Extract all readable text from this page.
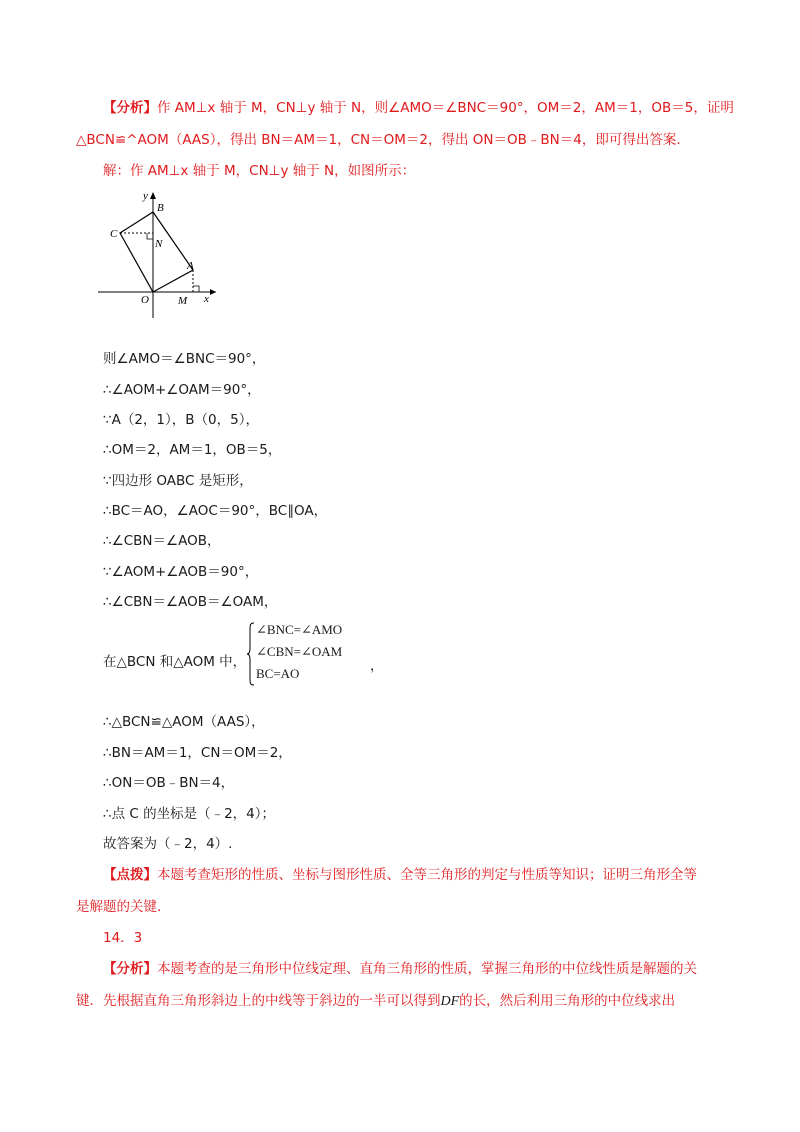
【分析】作 AM⊥x 轴于 M，CN⊥y 轴于 N，则∠AMO＝∠BNC＝90°，OM＝2，AM＝1，OB＝5，证明
△BCN≌^AOM（AAS），得出 BN＝AM＝1，CN＝OM＝2，得出 ON＝OB﹣BN＝4，即可得出答案.
解：作 AM⊥x 轴于 M，CN⊥y 轴于 N，如图所示：
y
B
C
N
A
O	M x
则∠AMO＝∠BNC＝90°，
∴∠AOM+∠OAM＝90°，
∵A（2，1），B（0，5），
∴OM＝2，AM＝1，OB＝5，
∵四边形 OABC 是矩形，
∴BC＝AO，∠AOC＝90°，BC∥OA，
∴∠CBN＝∠AOB，
∵∠AOM+∠AOB＝90°，
∴∠CBN＝∠AOB＝∠OAM，
在△BCN 和△AOM 中，
∠BNC=∠AMO
∠CBN=∠OAM
BC=AO	，
∴△BCN≌△AOM（AAS），
∴BN＝AM＝1，CN＝OM＝2，
∴ON＝OB﹣BN＝4，
∴点 C 的坐标是（﹣2，4）；
故答案为（﹣2，4）.
【点拨】本题考查矩形的性质、坐标与图形性质、全等三角形的判定与性质等知识；证明三角形全等
是解题的关键.
14．3
【分析】本题考查的是三角形中位线定理、直角三角形的性质，掌握三角形的中位线性质是解题的关
键．先根据直角三角形斜边上的中线等于斜边的一半可以得到DF的长，然后利用三角形的中位线求出
